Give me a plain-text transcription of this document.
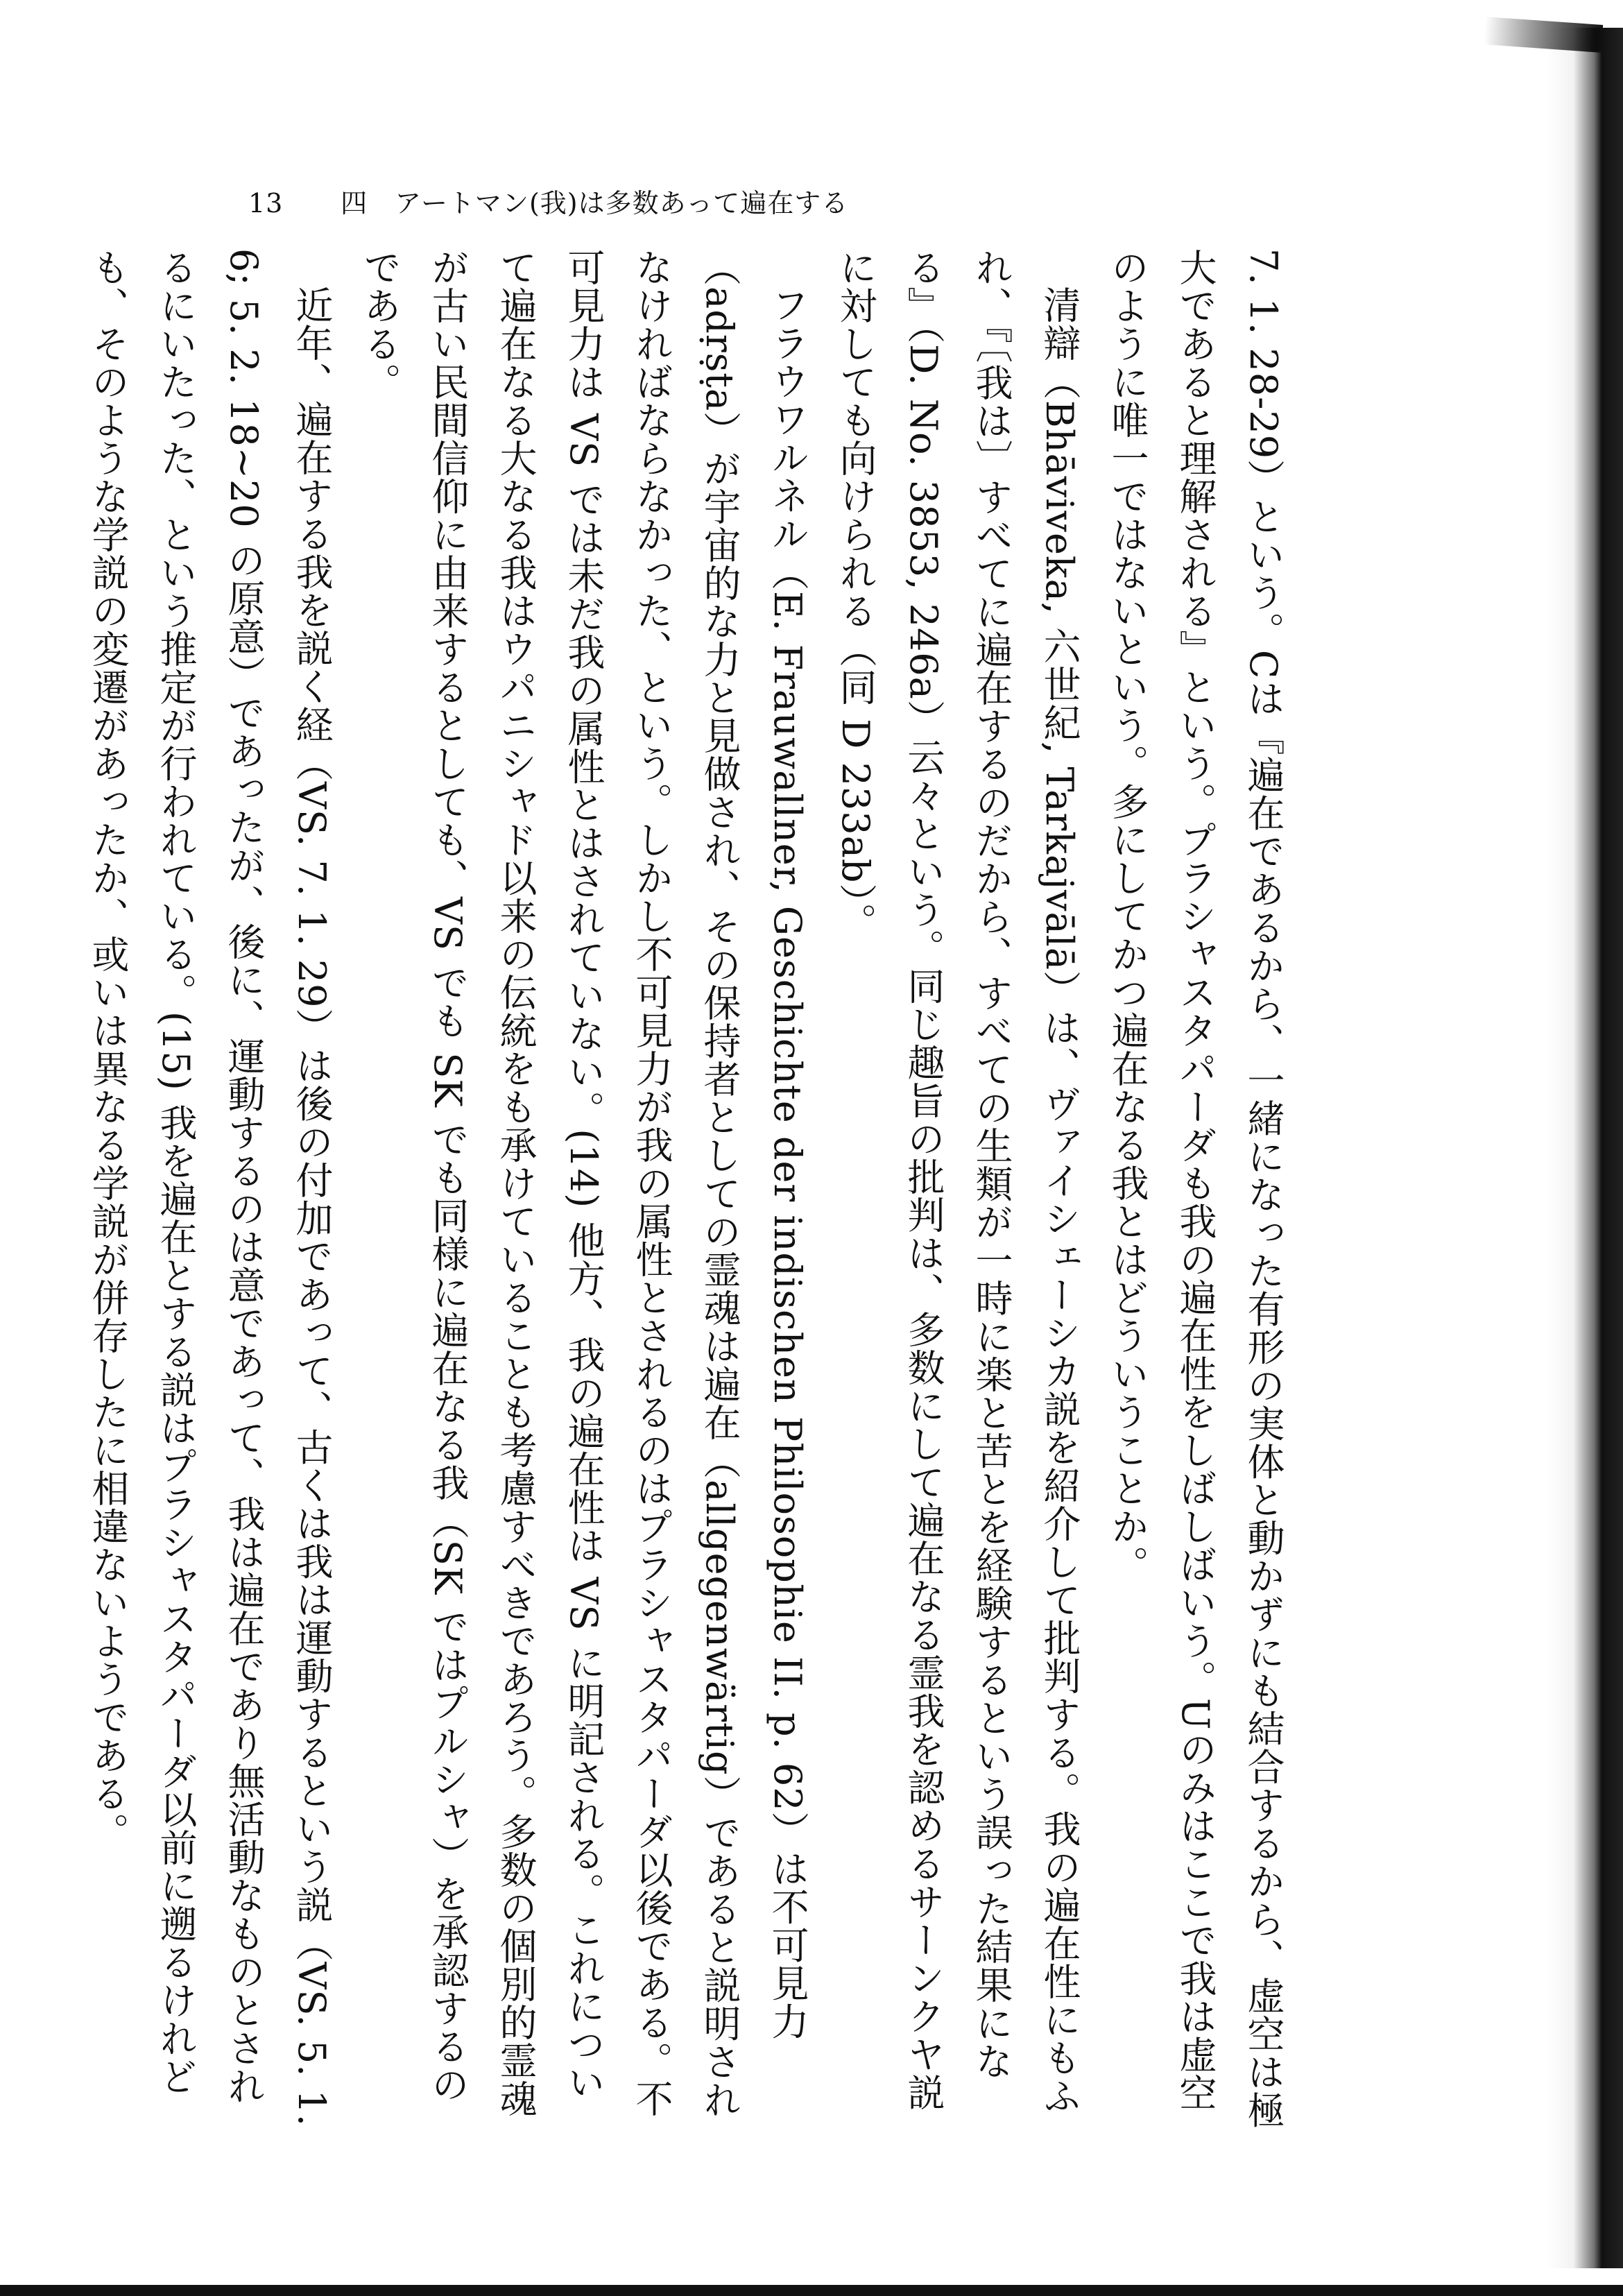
13 四　アートマン(我)は多数あって遍在する

7. 1. 28-29）という。Cは『遍在であるから、一緒になった有形の実体と動かずにも結合するから、虚空は極大であると理解される』という。プラシャスタパーダも我の遍在性をしばしばいう。Uのみはここで我は虚空のように唯一ではないという。多にしてかつ遍在なる我とはどういうことか。

清辯（Bhāviveka, 六世紀, Tarkajvālā）は、ヴァイシェーシカ説を紹介して批判する。我の遍在性にもふれ、『〔我は〕すべてに遍在するのだから、すべての生類が一時に楽と苦とを経験するという誤った結果になる』（D. No. 3853, 246a）云々という。同じ趣旨の批判は、多数にして遍在なる霊我を認めるサーンクヤ説に対しても向けられる（同 D 233ab）。

フラウワルネル（E. Frauwallner, Geschichte der indischen Philosophie II. p. 62）は不可見力（adṛṣṭa）が宇宙的な力と見做され、その保持者としての霊魂は遍在（allgegenwärtig）であると説明されなければならなかった、という。しかし不可見力が我の属性とされるのはプラシャスタパーダ以後である。不可見力は VS では未だ我の属性とはされていない。(14) 他方、我の遍在性は VS に明記される。これについて遍在なる大なる我はウパニシャド以来の伝統をも承けていることも考慮すべきであろう。多数の個別的霊魂が古い民間信仰に由来するとしても、VS でも SK でも同様に遍在なる我（SK ではプルシャ）を承認するのである。

近年、遍在する我を説く経（VS. 7. 1. 29）は後の付加であって、古くは我は運動するという説（VS. 5. 1. 6; 5. 2. 18~20 の原意）であったが、後に、運動するのは意であって、我は遍在であり無活動なものとされるにいたった、という推定が行われている。(15) 我を遍在とする説はプラシャスタパーダ以前に遡るけれども、そのような学説の変遷があったか、或いは異なる学説が併存したに相違ないようである。
